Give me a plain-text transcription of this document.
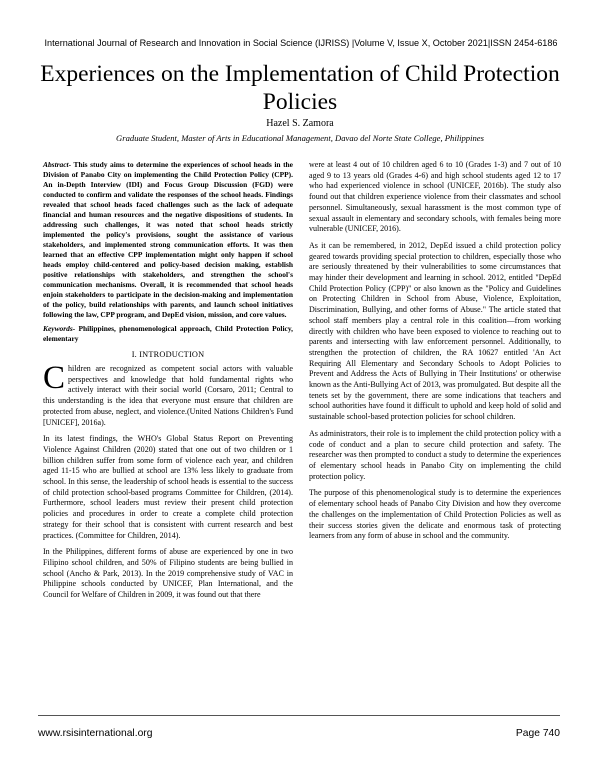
International Journal of Research and Innovation in Social Science (IJRISS) |Volume V, Issue X, October 2021|ISSN 2454-6186
Experiences on the Implementation of Child Protection Policies
Hazel S. Zamora
Graduate Student, Master of Arts in Educational Management, Davao del Norte State College, Philippines

Abstract- This study aims to determine the experiences of school heads in the Division of Panabo City on implementing the Child Protection Policy (CPP). An in-Depth Interview (IDI) and Focus Group Discussion (FGD) were conducted to confirm and validate the responses of the school heads. Findings revealed that school heads faced challenges such as the lack of adequate financial and human resources and the negative dispositions of students. In addressing such challenges, it was noted that school heads strictly implemented the policy's provisions, sought the assistance of various stakeholders, and implemented strong communication efforts. It was then learned that an effective CPP implementation might only happen if school heads employ child-centered and policy-based decision making, establish positive relationships with stakeholders, and strengthen the school's communication mechanisms. Overall, it is recommended that school heads enjoin stakeholders to participate in the decision-making and implementation of the policy, build relationships with parents, and launch school initiatives following the law, CPP program, and DepEd vision, mission, and core values.

Keywords- Philippines, phenomenological approach, Child Protection Policy, elementary

I. INTRODUCTION

Children are recognized as competent social actors with valuable perspectives and knowledge that hold fundamental rights who actively interact with their social world (Corsaro, 2011; Central to this understanding is the idea that everyone must ensure that children are protected from abuse, neglect, and violence.(United Nations Children's Fund [UNICEF], 2016a).

In its latest findings, the WHO's Global Status Report on Preventing Violence Against Children (2020) stated that one out of two children or 1 billion children suffer from some form of violence each year, and children aged 11-15 who are bullied at school are 13% less likely to graduate from school. In this sense, the leadership of school heads is essential to the success of child protection school-based programs Committee for Children, (2014). Furthermore, school leaders must review their present child protection policies and procedures in order to create a complete child protection strategy for their school that is consistent with current research and best practices. (Committee for Children, 2014).

In the Philippines, different forms of abuse are experienced by one in two Filipino school children, and 50% of Filipino students are being bullied in school (Ancho & Park, 2013). In the 2019 comprehensive study of VAC in Philippine schools conducted by UNICEF, Plan International, and the Council for Welfare of Children in 2009, it was found out that there

were at least 4 out of 10 children aged 6 to 10 (Grades 1-3) and 7 out of 10 aged 9 to 13 years old (Grades 4-6) and high school students aged 12 to 17 who had experienced violence in school (UNICEF, 2016b). The study also found out that children experience violence from their classmates and school personnel. Simultaneously, sexual harassment is the most common type of sexual assault in elementary and secondary schools, with females being more vulnerable (UNICEF, 2016).

As it can be remembered, in 2012, DepEd issued a child protection policy geared towards providing special protection to children, especially those who are seriously threatened by their vulnerabilities to some circumstances that may hinder their development and learning in school. 2012, entitled "DepEd Child Protection Policy (CPP)" or also known as the "Policy and Guidelines on Protecting Children in School from Abuse, Violence, Exploitation, Discrimination, Bullying, and other forms of Abuse." The article stated that school staff members play a central role in this coalition—from working directly with children who have been exposed to violence to reaching out to parents and intersecting with law enforcement personnel. Additionally, to strengthen the protection of children, the RA 10627 entitled 'An Act Requiring All Elementary and Secondary Schools to Adopt Policies to Prevent and Address the Acts of Bullying in Their Institutions' or otherwise known as the Anti-Bullying Act of 2013, was promulgated. But despite all the tenets set by the government, there are some indications that teachers and school authorities have found it difficult to uphold and keep hold of solid and sustainable school-based protection policies for school children.

As administrators, their role is to implement the child protection policy with a code of conduct and a plan to secure child protection and safety. The researcher was then prompted to conduct a study to determine the experiences of elementary school heads in Panabo City on implementing the child protection policy.

The purpose of this phenomenological study is to determine the experiences of elementary school heads of Panabo City Division and how they overcome the challenges on the implementation of Child Protection Policies as well as their success stories given the delicate and enormous task of protecting learners from any form of abuse in school and the community.

www.rsisinternational.org	Page 740
